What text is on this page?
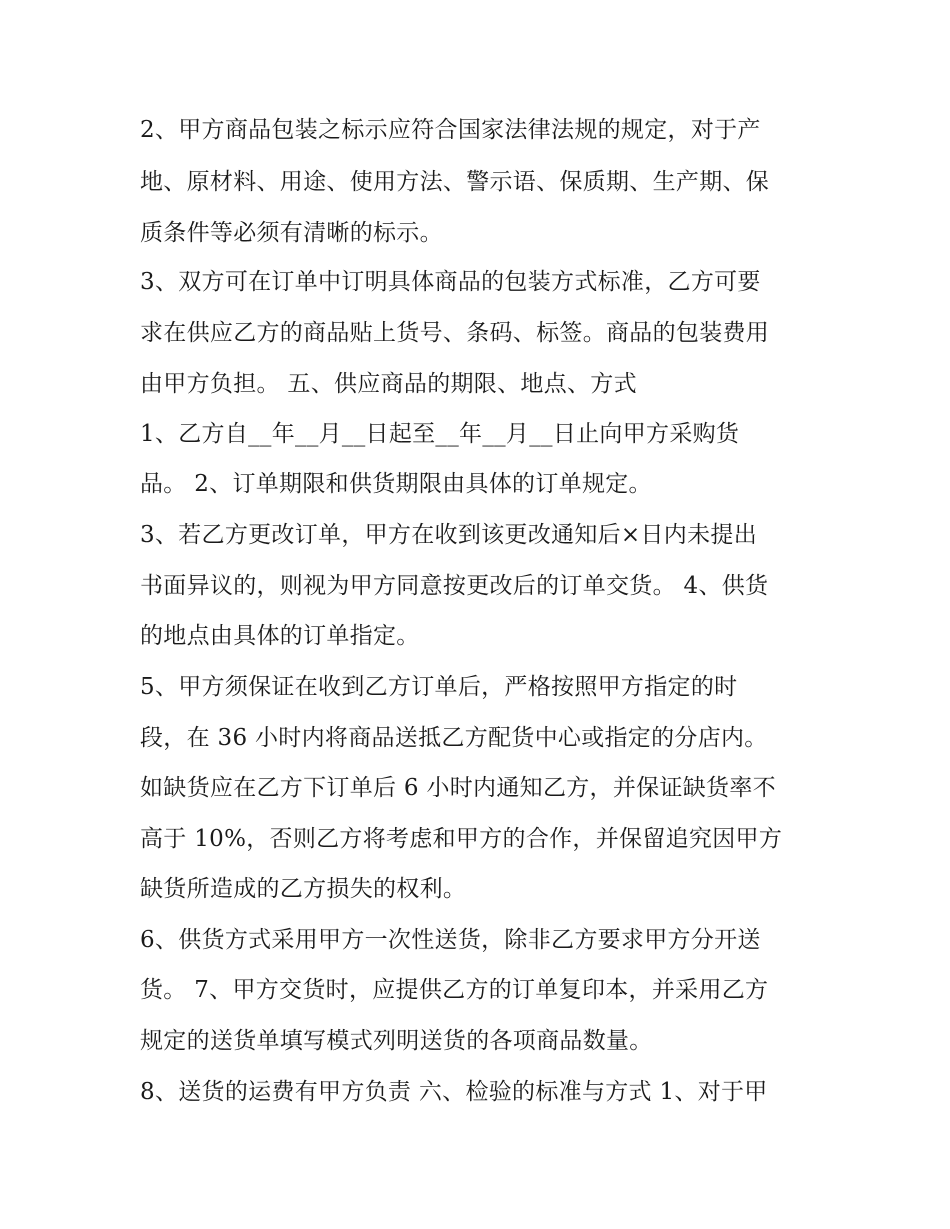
2、甲方商品包装之标示应符合国家法律法规的规定，对于产
地、原材料、用途、使用方法、警示语、保质期、生产期、保
质条件等必须有清晰的标示。
3、双方可在订单中订明具体商品的包装方式标准，乙方可要
求在供应乙方的商品贴上货号、条码、标签。商品的包装费用
由甲方负担。 五、供应商品的期限、地点、方式
1、乙方自__年__月__日起至__年__月__日止向甲方采购货
品。 2、订单期限和供货期限由具体的订单规定。
3、若乙方更改订单，甲方在收到该更改通知后×日内未提出
书面异议的，则视为甲方同意按更改后的订单交货。 4、供货
的地点由具体的订单指定。
5、甲方须保证在收到乙方订单后，严格按照甲方指定的时
段，在 36 小时内将商品送抵乙方配货中心或指定的分店内。
如缺货应在乙方下订单后 6 小时内通知乙方，并保证缺货率不
高于 10%，否则乙方将考虑和甲方的合作，并保留追究因甲方
缺货所造成的乙方损失的权利。
6、供货方式采用甲方一次性送货，除非乙方要求甲方分开送
货。 7、甲方交货时，应提供乙方的订单复印本，并采用乙方
规定的送货单填写模式列明送货的各项商品数量。
8、送货的运费有甲方负责 六、检验的标准与方式 1、对于甲
